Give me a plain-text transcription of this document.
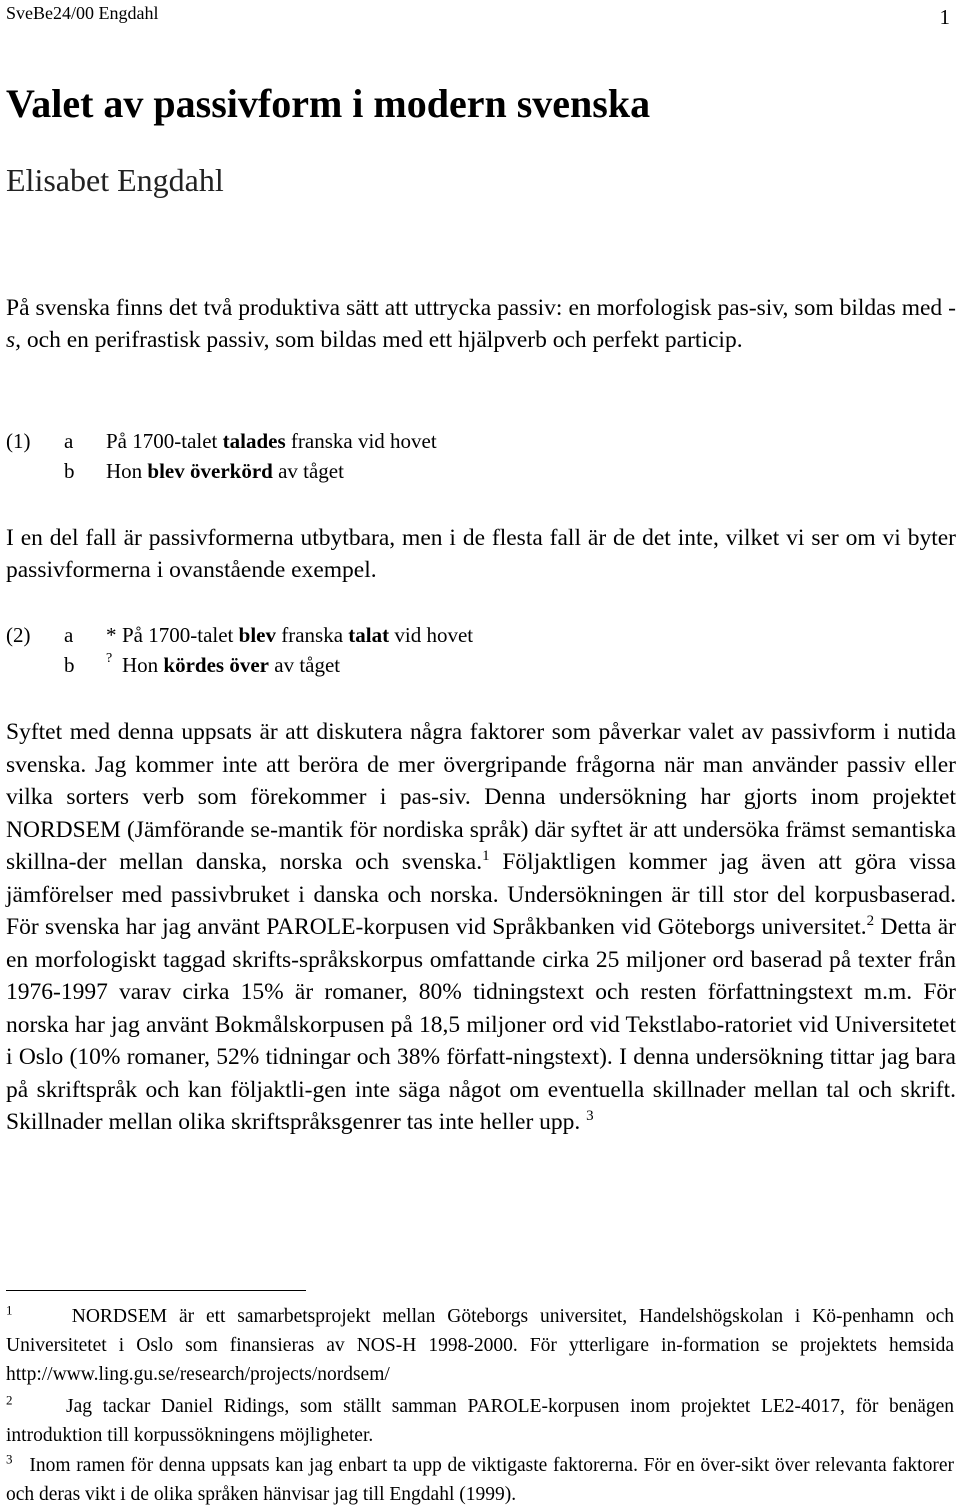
SveBe24/00 Engdahl	1
Valet av passivform i modern svenska
Elisabet Engdahl
På svenska finns det två produktiva sätt att uttrycka passiv: en morfologisk pas-siv, som bildas med -s, och en perifrastisk passiv, som bildas med ett hjälpverb och perfekt particip.
(1)	a	På 1700-talet talades franska vid hovet
b	Hon blev överkörd av tåget
I en del fall är passivformerna utbytbara, men i de flesta fall är de det inte, vilket vi ser om vi byter passivformerna i ovanstående exempel.
(2)	a	* På 1700-talet blev franska talat vid hovet
b	? Hon kördes över av tåget
Syftet med denna uppsats är att diskutera några faktorer som påverkar valet av passivform i nutida svenska. Jag kommer inte att beröra de mer övergripande frågorna när man använder passiv eller vilka sorters verb som förekommer i pas-siv. Denna undersökning har gjorts inom projektet NORDSEM (Jämförande se-mantik för nordiska språk) där syftet är att undersöka främst semantiska skillna-der mellan danska, norska och svenska.$^1$ Följaktligen kommer jag även att göra vissa jämförelser med passivbruket i danska och norska. Undersökningen är till stor del korpusbaserad. För svenska har jag använt PAROLE-korpusen vid Språkbanken vid Göteborgs universitet.$^2$ Detta är en morfologiskt taggad skrifts-språkskorpus omfattande cirka 25 miljoner ord baserad på texter från 1976-1997 varav cirka 15% är romaner, 80% tidningstext och resten författningstext m.m. För norska har jag använt Bokmålskorpusen på 18,5 miljoner ord vid Tekstlabo-ratoriet vid Universitetet i Oslo (10% romaner, 52% tidningar och 38% författ-ningstext). I denna undersökning tittar jag bara på skriftspråk och kan följaktli-gen inte säga något om eventuella skillnader mellan tal och skrift. Skillnader mellan olika skriftspråksgenrer tas inte heller upp. $^3$
$^1$	NORDSEM är ett samarbetsprojekt mellan Göteborgs universitet, Handelshögskolan i Kö-penhamn och Universitetet i Oslo som finansieras av NOS-H 1998-2000. För ytterligare in-formation se projektets hemsida http://www.ling.gu.se/research/projects/nordsem/
$^2$	Jag tackar Daniel Ridings, som ställt samman PAROLE-korpusen inom projektet LE2-4017, för benägen introduktion till korpussökningens möjligheter.
$^3$ Inom ramen för denna uppsats kan jag enbart ta upp de viktigaste faktorerna. För en över-sikt över relevanta faktorer och deras vikt i de olika språken hänvisar jag till Engdahl (1999).
